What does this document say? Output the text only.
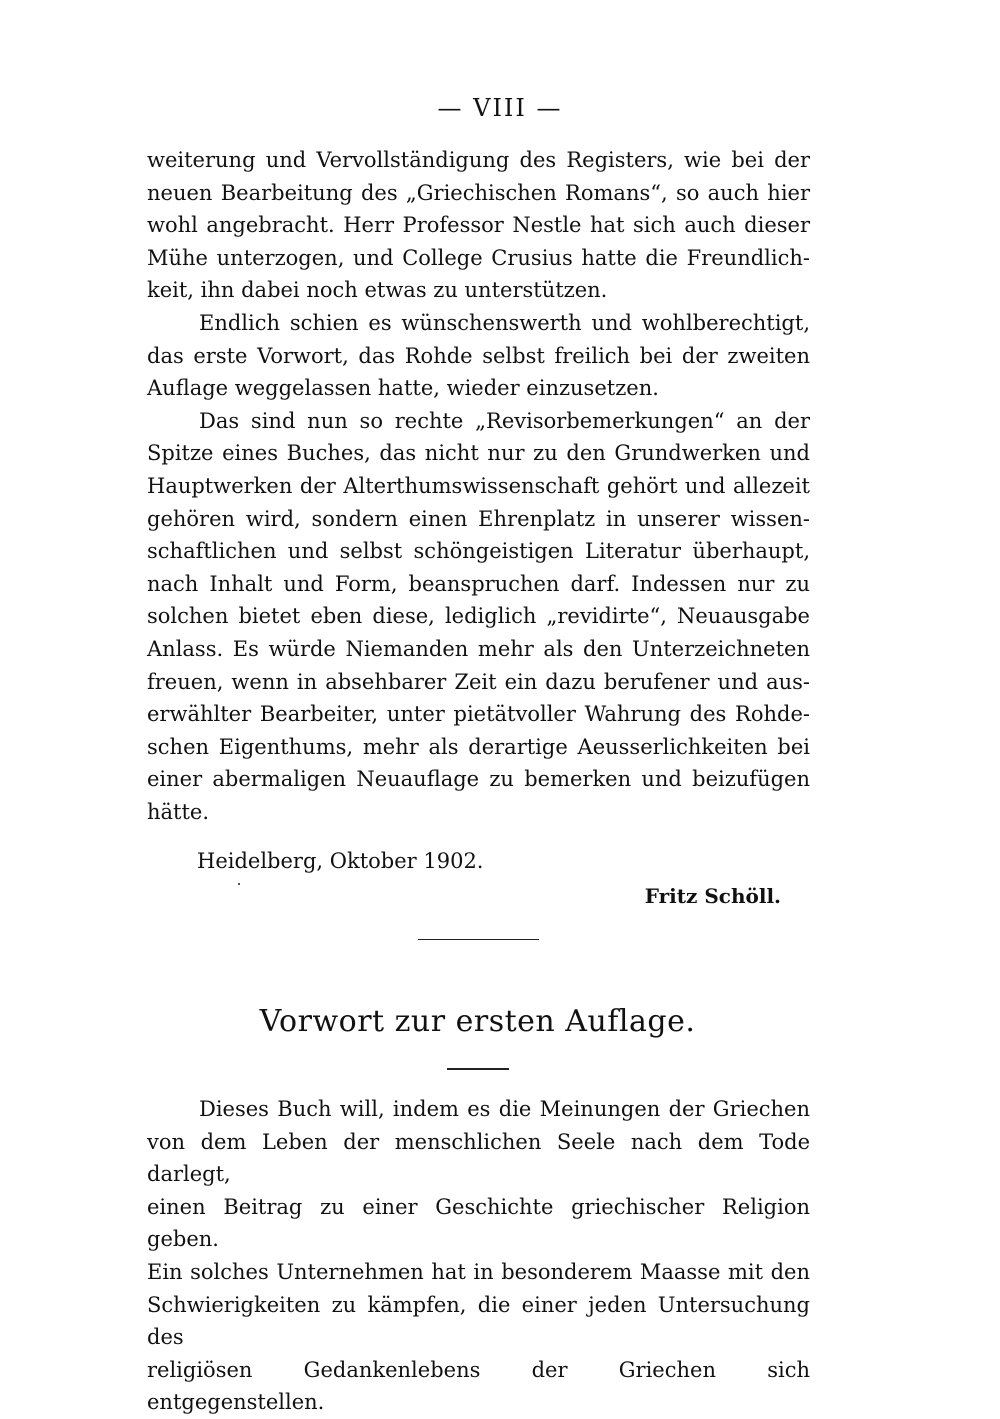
— VIII —

weiterung und Vervollständigung des Registers, wie bei der

neuen Bearbeitung des „Griechischen Romans“, so auch hier

wohl angebracht. Herr Professor Nestle hat sich auch dieser

Mühe unterzogen, und College Crusius hatte die Freundlich-

keit, ihn dabei noch etwas zu unterstützen.

Endlich schien es wünschenswerth und wohlberechtigt,

das erste Vorwort, das Rohde selbst freilich bei der zweiten

Auflage weggelassen hatte, wieder einzusetzen.

Das sind nun so rechte „Revisorbemerkungen“ an der

Spitze eines Buches, das nicht nur zu den Grundwerken und

Hauptwerken der Alterthumswissenschaft gehört und allezeit

gehören wird, sondern einen Ehrenplatz in unserer wissen-

schaftlichen und selbst schöngeistigen Literatur überhaupt,

nach Inhalt und Form, beanspruchen darf. Indessen nur zu

solchen bietet eben diese, lediglich „revidirte“, Neuausgabe

Anlass. Es würde Niemanden mehr als den Unterzeichneten

freuen, wenn in absehbarer Zeit ein dazu berufener und aus-

erwählter Bearbeiter, unter pietätvoller Wahrung des Rohde-

schen Eigenthums, mehr als derartige Aeusserlichkeiten bei

einer abermaligen Neuauflage zu bemerken und beizufügen

hätte.

Heidelberg, Oktober 1902.
Fritz Schöll.
Vorwort zur ersten Auflage.

Dieses Buch will, indem es die Meinungen der Griechen

von dem Leben der menschlichen Seele nach dem Tode darlegt,

einen Beitrag zu einer Geschichte griechischer Religion geben.

Ein solches Unternehmen hat in besonderem Maasse mit den

Schwierigkeiten zu kämpfen, die einer jeden Untersuchung des

religiösen Gedankenlebens der Griechen sich entgegenstellen.
